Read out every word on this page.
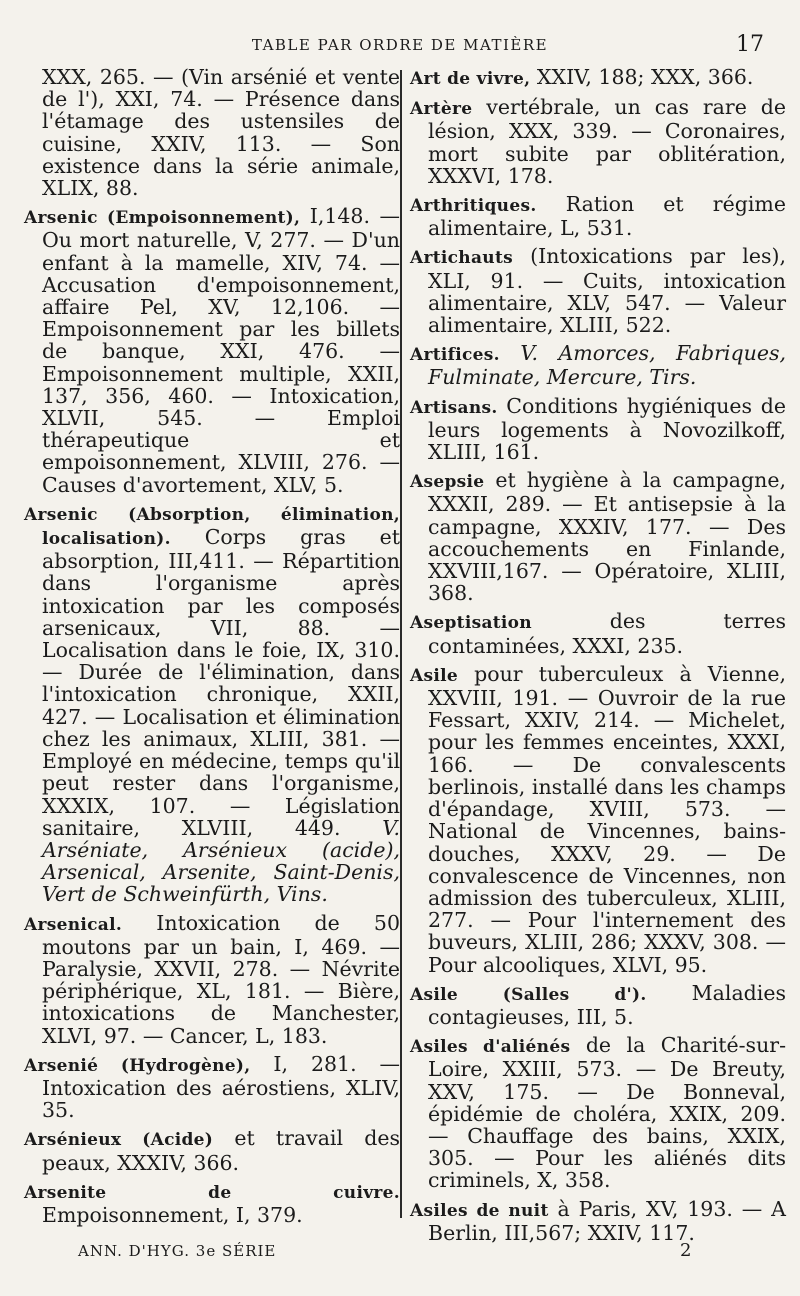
TABLE PAR ORDRE DE MATIÈRE	17

XXX, 265. — (Vin arsénié et vente de l'), XXI, 74. — Présence dans l'étamage des ustensiles de cuisine, XXIV, 113. — Son existence dans la série animale, XLIX, 88.

Arsenic (Empoisonnement), I,148. — Ou mort naturelle, V, 277. — D'un enfant à la mamelle, XIV, 74. — Accusation d'empoisonnement, affaire Pel, XV, 12,106. — Empoisonnement par les billets de banque, XXI, 476. — Empoisonnement multiple, XXII, 137, 356, 460. — Intoxication, XLVII, 545. — Emploi thérapeutique et empoisonnement, XLVIII, 276. — Causes d'avortement, XLV, 5.

Arsenic (Absorption, élimination, localisation). Corps gras et absorption, III,411. — Répartition dans l'organisme après intoxication par les composés arsenicaux, VII, 88. — Localisation dans le foie, IX, 310. — Durée de l'élimination, dans l'intoxication chronique, XXII, 427. — Localisation et élimination chez les animaux, XLIII, 381. — Employé en médecine, temps qu'il peut rester dans l'organisme, XXXIX, 107. — Législation sanitaire, XLVIII, 449. V. Arséniate, Arsénieux (acide), Arsenical, Arsenite, Saint-Denis, Vert de Schweinfürth, Vins.

Arsenical. Intoxication de 50 moutons par un bain, I, 469. — Paralysie, XXVII, 278. — Névrite périphérique, XL, 181. — Bière, intoxications de Manchester, XLVI, 97. — Cancer, L, 183.

Arsenié (Hydrogène), I, 281. — Intoxication des aérostiens, XLIV, 35.

Arsénieux (Acide) et travail des peaux, XXXIV, 366.

Arsenite de cuivre. Empoisonnement, I, 379.

Art de vivre, XXIV, 188; XXX, 366.

Artère vertébrale, un cas rare de lésion, XXX, 339. — Coronaires, mort subite par oblitération, XXXVI, 178.

Arthritiques. Ration et régime alimentaire, L, 531.

Artichauts (Intoxications par les), XLI, 91. — Cuits, intoxication alimentaire, XLV, 547. — Valeur alimentaire, XLIII, 522.

Artifices. V. Amorces, Fabriques, Fulminate, Mercure, Tirs.

Artisans. Conditions hygiéniques de leurs logements à Novozilkoff, XLIII, 161.

Asepsie et hygiène à la campagne, XXXII, 289. — Et antisepsie à la campagne, XXXIV, 177. — Des accouchements en Finlande, XXVIII,167. — Opératoire, XLIII, 368.

Aseptisation	des terres contaminées, XXXI, 235.

Asile pour tuberculeux à Vienne, XXVIII, 191. — Ouvroir de la rue Fessart, XXIV, 214. — Michelet, pour les femmes enceintes, XXXI, 166. — De convalescents berlinois, installé dans les champs d'épandage, XVIII, 573. — National de Vincennes, bains-douches, XXXV, 29. — De convalescence de Vincennes, non admission des tuberculeux, XLIII, 277. — Pour l'internement des buveurs, XLIII, 286; XXXV, 308. — Pour alcooliques, XLVI, 95.

Asile (Salles d'). Maladies contagieuses, III, 5.

Asiles d'aliénés de la Charité-sur-Loire, XXIII, 573. — De Breuty, XXV, 175. — De Bonneval, épidémie de choléra, XXIX, 209. — Chauffage des bains, XXIX, 305. — Pour les aliénés dits criminels, X, 358.

Asiles de nuit à Paris, XV, 193. — A Berlin, III,567; XXIV, 117.

ANN. D'HYG. 3e SÉRIE	2
